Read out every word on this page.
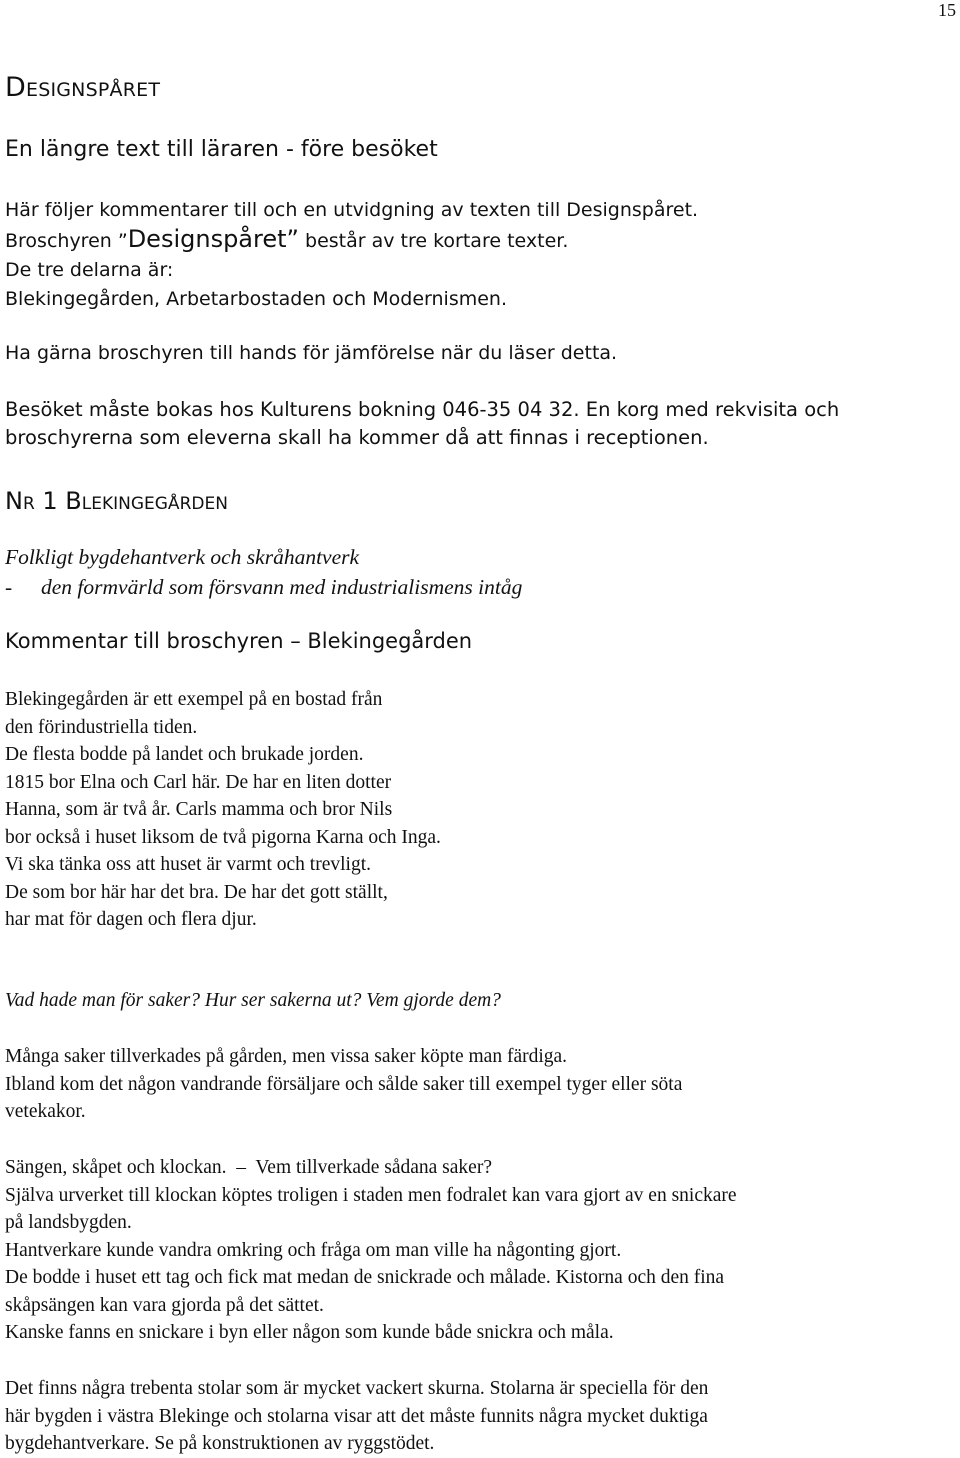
15
Designspåret
En längre text till läraren - före besöket
Här följer kommentarer till och en utvidgning av texten till Designspåret.
Broschyren ”Designspåret” består av tre kortare texter.
De tre delarna är:
Blekingegården, Arbetarbostaden och Modernismen.
Ha gärna broschyren till hands för jämförelse när du läser detta.
Besöket måste bokas hos Kulturens bokning 046-35 04 32. En korg med rekvisita och
broschyrerna som eleverna skall ha kommer då att finnas i receptionen.
Nr 1 Blekingegården
Folkligt bygdehantverk och skråhantverk
- den formvärld som försvann med industrialismens intåg
Kommentar till broschyren – Blekingegården
Blekingegården är ett exempel på en bostad från
den förindustriella tiden.
De flesta bodde på landet och brukade jorden.
1815 bor Elna och Carl här. De har en liten dotter
Hanna, som är två år. Carls mamma och bror Nils
bor också i huset liksom de två pigorna Karna och Inga.
Vi ska tänka oss att huset är varmt och trevligt.
De som bor här har det bra. De har det gott ställt,
har mat för dagen och flera djur.
Vad hade man för saker? Hur ser sakerna ut? Vem gjorde dem?
Många saker tillverkades på gården, men vissa saker köpte man färdiga.
Ibland kom det någon vandrande försäljare och sålde saker till exempel tyger eller söta
vetekakor.
Sängen, skåpet och klockan.  –  Vem tillverkade sådana saker?
Själva urverket till klockan köptes troligen i staden men fodralet kan vara gjort av en snickare
på landsbygden.
Hantverkare kunde vandra omkring och fråga om man ville ha någonting gjort.
De bodde i huset ett tag och fick mat medan de snickrade och målade. Kistorna och den fina
skåpsängen kan vara gjorda på det sättet.
Kanske fanns en snickare i byn eller någon som kunde både snickra och måla.
Det finns några trebenta stolar som är mycket vackert skurna. Stolarna är speciella för den
här bygden i västra Blekinge och stolarna visar att det måste funnits några mycket duktiga
bygdehantverkare. Se på konstruktionen av ryggstödet.
